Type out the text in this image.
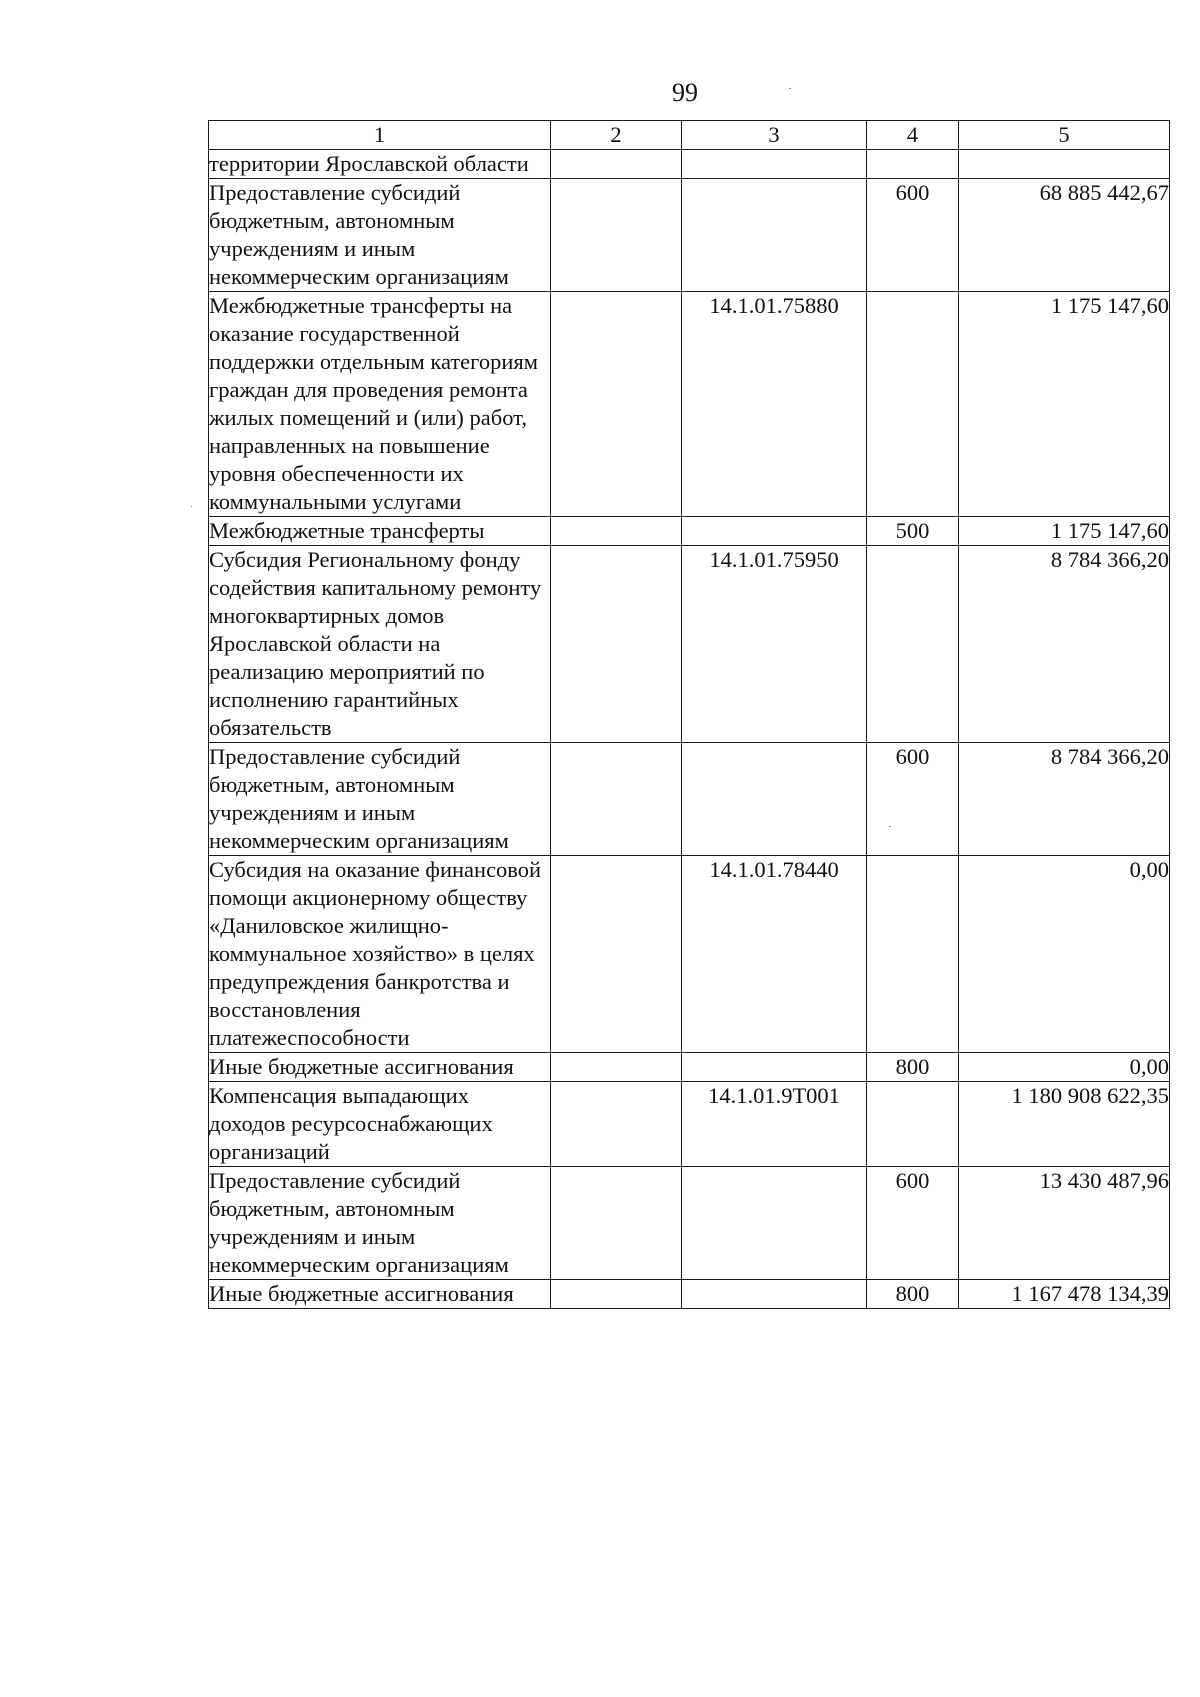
99
1	2	3	4	5
территории Ярославской области				
Предоставление субсидий бюджетным, автономным учреждениям и иным некоммерческим организациям			600	68 885 442,67
Межбюджетные трансферты на оказание государственной поддержки отдельным категориям граждан для проведения ремонта жилых помещений и (или) работ, направленных на повышение уровня обеспеченности их коммунальными услугами		14.1.01.75880		1 175 147,60
Межбюджетные трансферты			500	1 175 147,60
Субсидия Региональному фонду содействия капитальному ремонту многоквартирных домов Ярославской области на реализацию мероприятий по исполнению гарантийных обязательств		14.1.01.75950		8 784 366,20
Предоставление субсидий бюджетным, автономным учреждениям и иным некоммерческим организациям			600	8 784 366,20
Субсидия на оказание финансовой помощи акционерному обществу «Даниловское жилищно-коммунальное хозяйство» в целях предупреждения банкротства и восстановления платежеспособности		14.1.01.78440		0,00
Иные бюджетные ассигнования			800	0,00
Компенсация выпадающих доходов ресурсоснабжающих организаций		14.1.01.9Т001		1 180 908 622,35
Предоставление субсидий бюджетным, автономным учреждениям и иным некоммерческим организациям			600	13 430 487,96
Иные бюджетные ассигнования			800	1 167 478 134,39
